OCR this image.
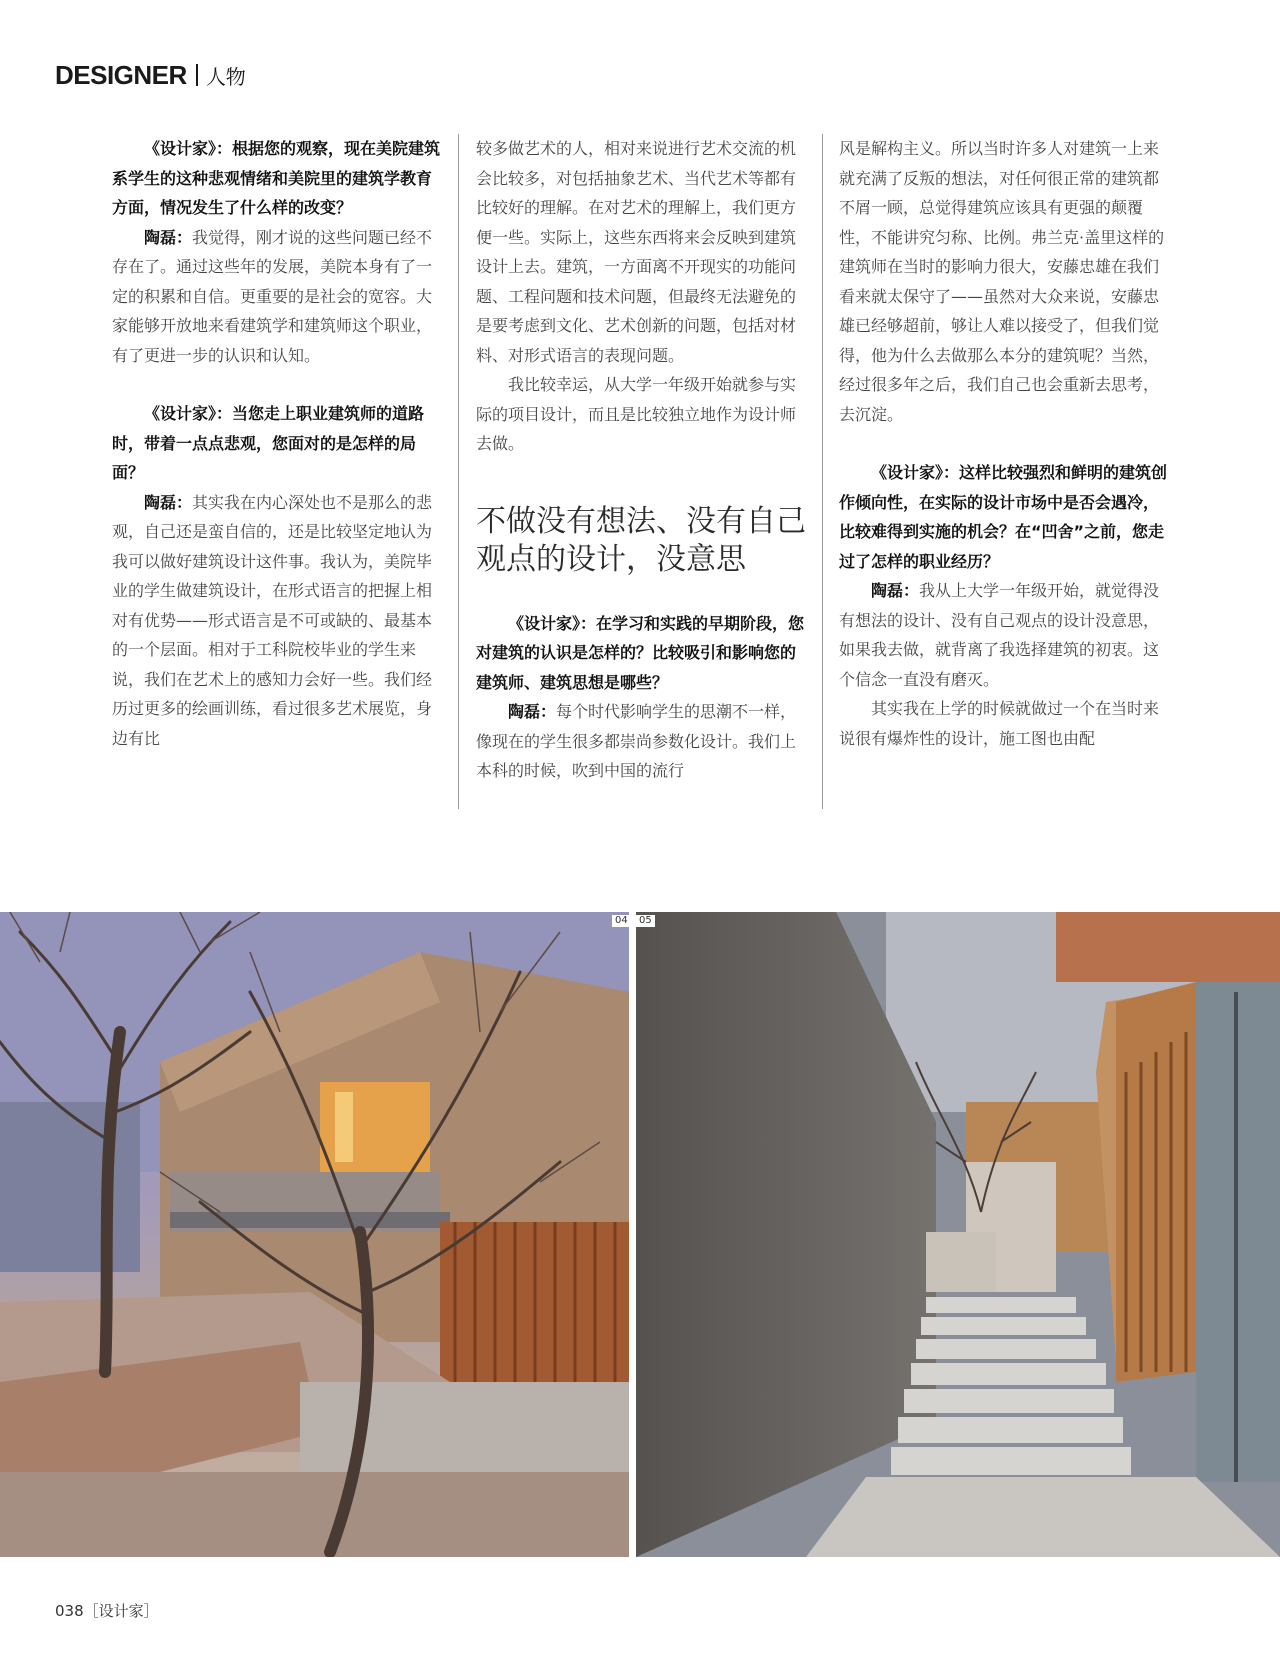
DESIGNER 人物

《设计家》：根据您的观察，现在美院建筑系学生的这种悲观情绪和美院里的建筑学教育方面，情况发生了什么样的改变？

陶磊：我觉得，刚才说的这些问题已经不存在了。通过这些年的发展，美院本身有了一定的积累和自信。更重要的是社会的宽容。大家能够开放地来看建筑学和建筑师这个职业，有了更进一步的认识和认知。

《设计家》：当您走上职业建筑师的道路时，带着一点点悲观，您面对的是怎样的局面？

陶磊：其实我在内心深处也不是那么的悲观，自己还是蛮自信的，还是比较坚定地认为我可以做好建筑设计这件事。我认为，美院毕业的学生做建筑设计，在形式语言的把握上相对有优势——形式语言是不可或缺的、最基本的一个层面。相对于工科院校毕业的学生来说，我们在艺术上的感知力会好一些。我们经历过更多的绘画训练，看过很多艺术展览，身边有比

较多做艺术的人，相对来说进行艺术交流的机会比较多，对包括抽象艺术、当代艺术等都有比较好的理解。在对艺术的理解上，我们更方便一些。实际上，这些东西将来会反映到建筑设计上去。建筑，一方面离不开现实的功能问题、工程问题和技术问题，但最终无法避免的是要考虑到文化、艺术创新的问题，包括对材料、对形式语言的表现问题。

我比较幸运，从大学一年级开始就参与实际的项目设计，而且是比较独立地作为设计师去做。

不做没有想法、没有自己观点的设计，没意思

《设计家》：在学习和实践的早期阶段，您对建筑的认识是怎样的？比较吸引和影响您的建筑师、建筑思想是哪些？

陶磊：每个时代影响学生的思潮不一样，像现在的学生很多都崇尚参数化设计。我们上本科的时候，吹到中国的流行

风是解构主义。所以当时许多人对建筑一上来就充满了反叛的想法，对任何很正常的建筑都不屑一顾，总觉得建筑应该具有更强的颠覆性，不能讲究匀称、比例。弗兰克·盖里这样的建筑师在当时的影响力很大，安藤忠雄在我们看来就太保守了——虽然对大众来说，安藤忠雄已经够超前，够让人难以接受了，但我们觉得，他为什么去做那么本分的建筑呢？当然，经过很多年之后，我们自己也会重新去思考，去沉淀。

《设计家》：这样比较强烈和鲜明的建筑创作倾向性，在实际的设计市场中是否会遇冷，比较难得到实施的机会？在“凹舍”之前，您走过了怎样的职业经历？

陶磊：我从上大学一年级开始，就觉得没有想法的设计、没有自己观点的设计没意思，如果我去做，就背离了我选择建筑的初衷。这个信念一直没有磨灭。

其实我在上学的时候就做过一个在当时来说很有爆炸性的设计，施工图也由配

04	05
038［设计家］
